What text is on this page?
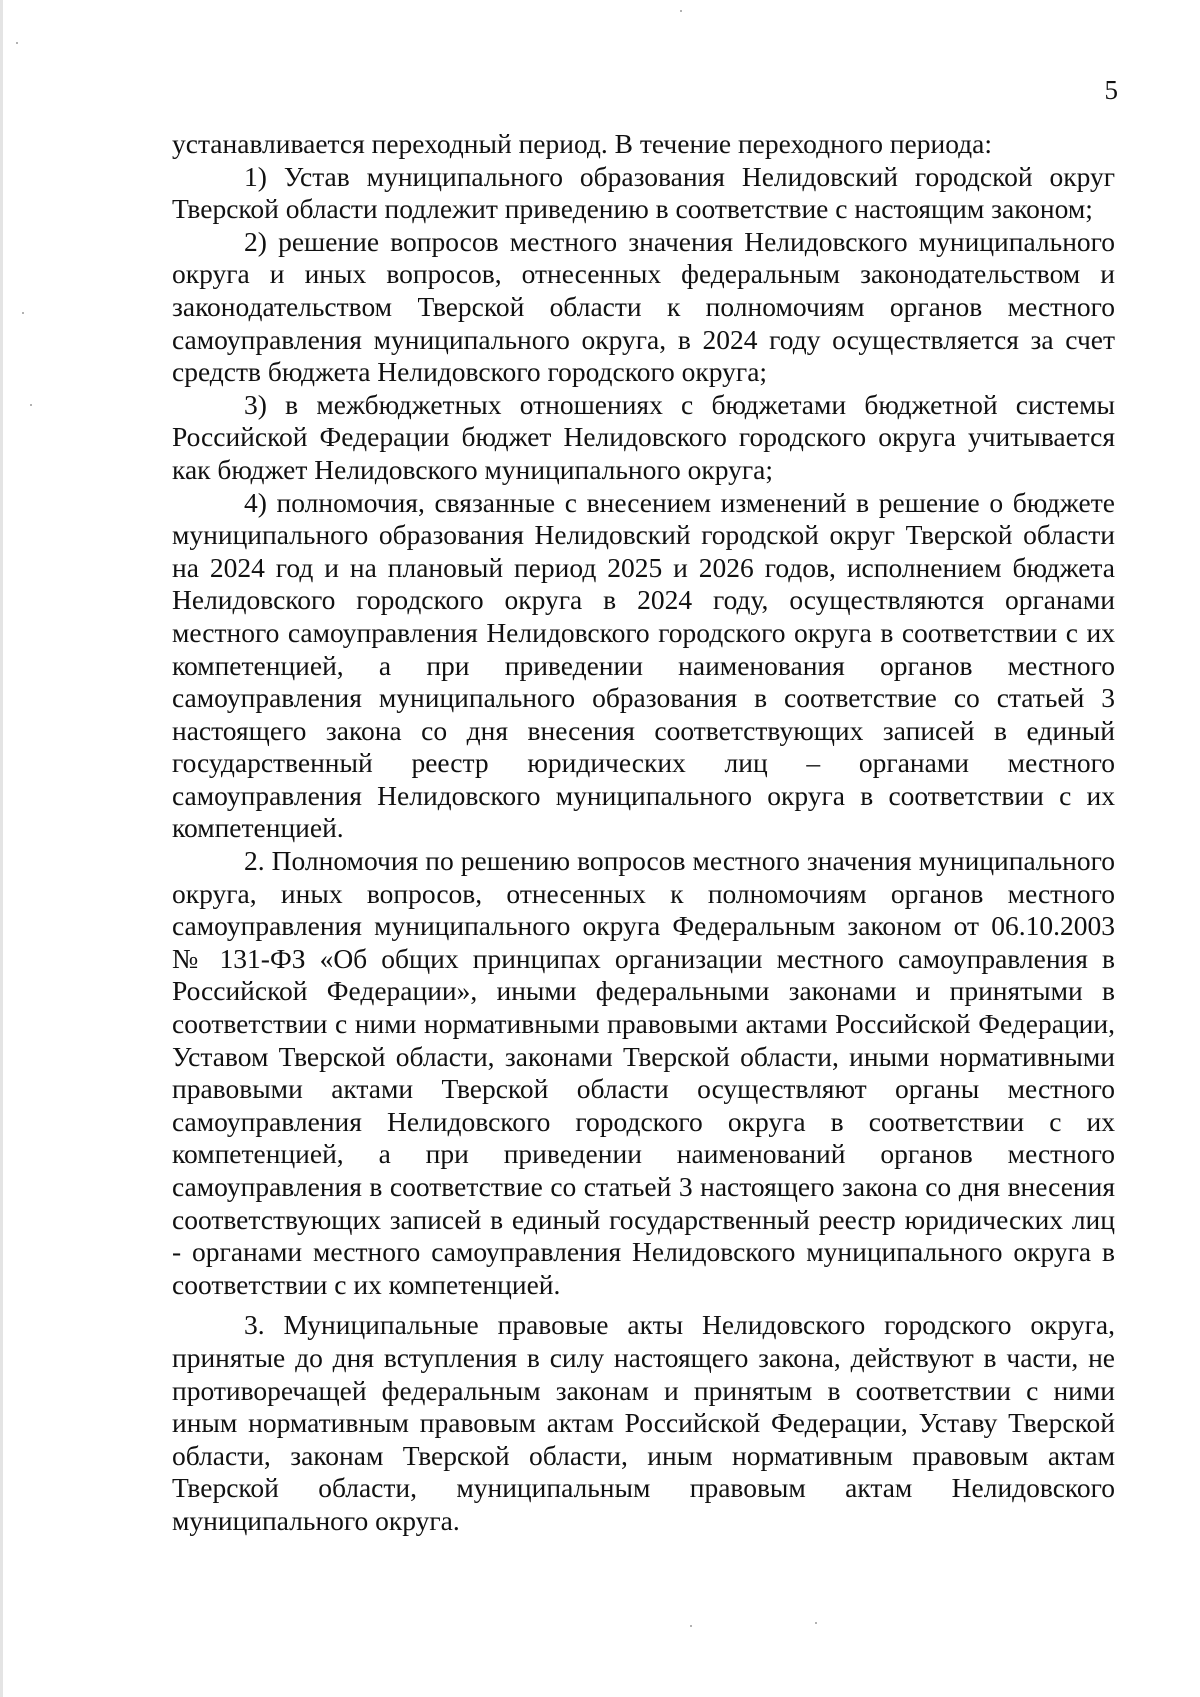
5

устанавливается переходный период. В течение переходного периода:

1) Устав муниципального образования Нелидовский городской округ Тверской области подлежит приведению в соответствие с настоящим законом;

2) решение вопросов местного значения Нелидовского муниципального округа и иных вопросов, отнесенных федеральным законодательством и законодательством Тверской области к полномочиям органов местного самоуправления муниципального округа, в 2024 году осуществляется за счет средств бюджета Нелидовского городского округа;

3) в межбюджетных отношениях с бюджетами бюджетной системы Российской Федерации бюджет Нелидовского городского округа учитывается как бюджет Нелидовского муниципального округа;

4) полномочия, связанные с внесением изменений в решение о бюджете муниципального образования Нелидовский городской округ Тверской области на 2024 год и на плановый период 2025 и 2026 годов, исполнением бюджета Нелидовского городского округа в 2024 году, осуществляются органами местного самоуправления Нелидовского городского округа в соответствии с их компетенцией, а при приведении наименования органов местного самоуправления муниципального образования в соответствие со статьей 3 настоящего закона со дня внесения соответствующих записей в единый государственный реестр юридических лиц – органами местного самоуправления Нелидовского муниципального округа в соответствии с их компетенцией.

2. Полномочия по решению вопросов местного значения муниципального округа, иных вопросов, отнесенных к полномочиям органов местного самоуправления муниципального округа Федеральным законом от 06.10.2003 № 131-ФЗ «Об общих принципах организации местного самоуправления в Российской Федерации», иными федеральными законами и принятыми в соответствии с ними нормативными правовыми актами Российской Федерации, Уставом Тверской области, законами Тверской области, иными нормативными правовыми актами Тверской области осуществляют органы местного самоуправления Нелидовского городского округа в соответствии с их компетенцией, а при приведении наименований органов местного самоуправления в соответствие со статьей 3 настоящего закона со дня внесения соответствующих записей в единый государственный реестр юридических лиц - органами местного самоуправления Нелидовского муниципального округа в соответствии с их компетенцией.

3. Муниципальные правовые акты Нелидовского городского округа, принятые до дня вступления в силу настоящего закона, действуют в части, не противоречащей федеральным законам и принятым в соответствии с ними иным нормативным правовым актам Российской Федерации, Уставу Тверской области, законам Тверской области, иным нормативным правовым актам Тверской области, муниципальным правовым актам Нелидовского муниципального округа.
